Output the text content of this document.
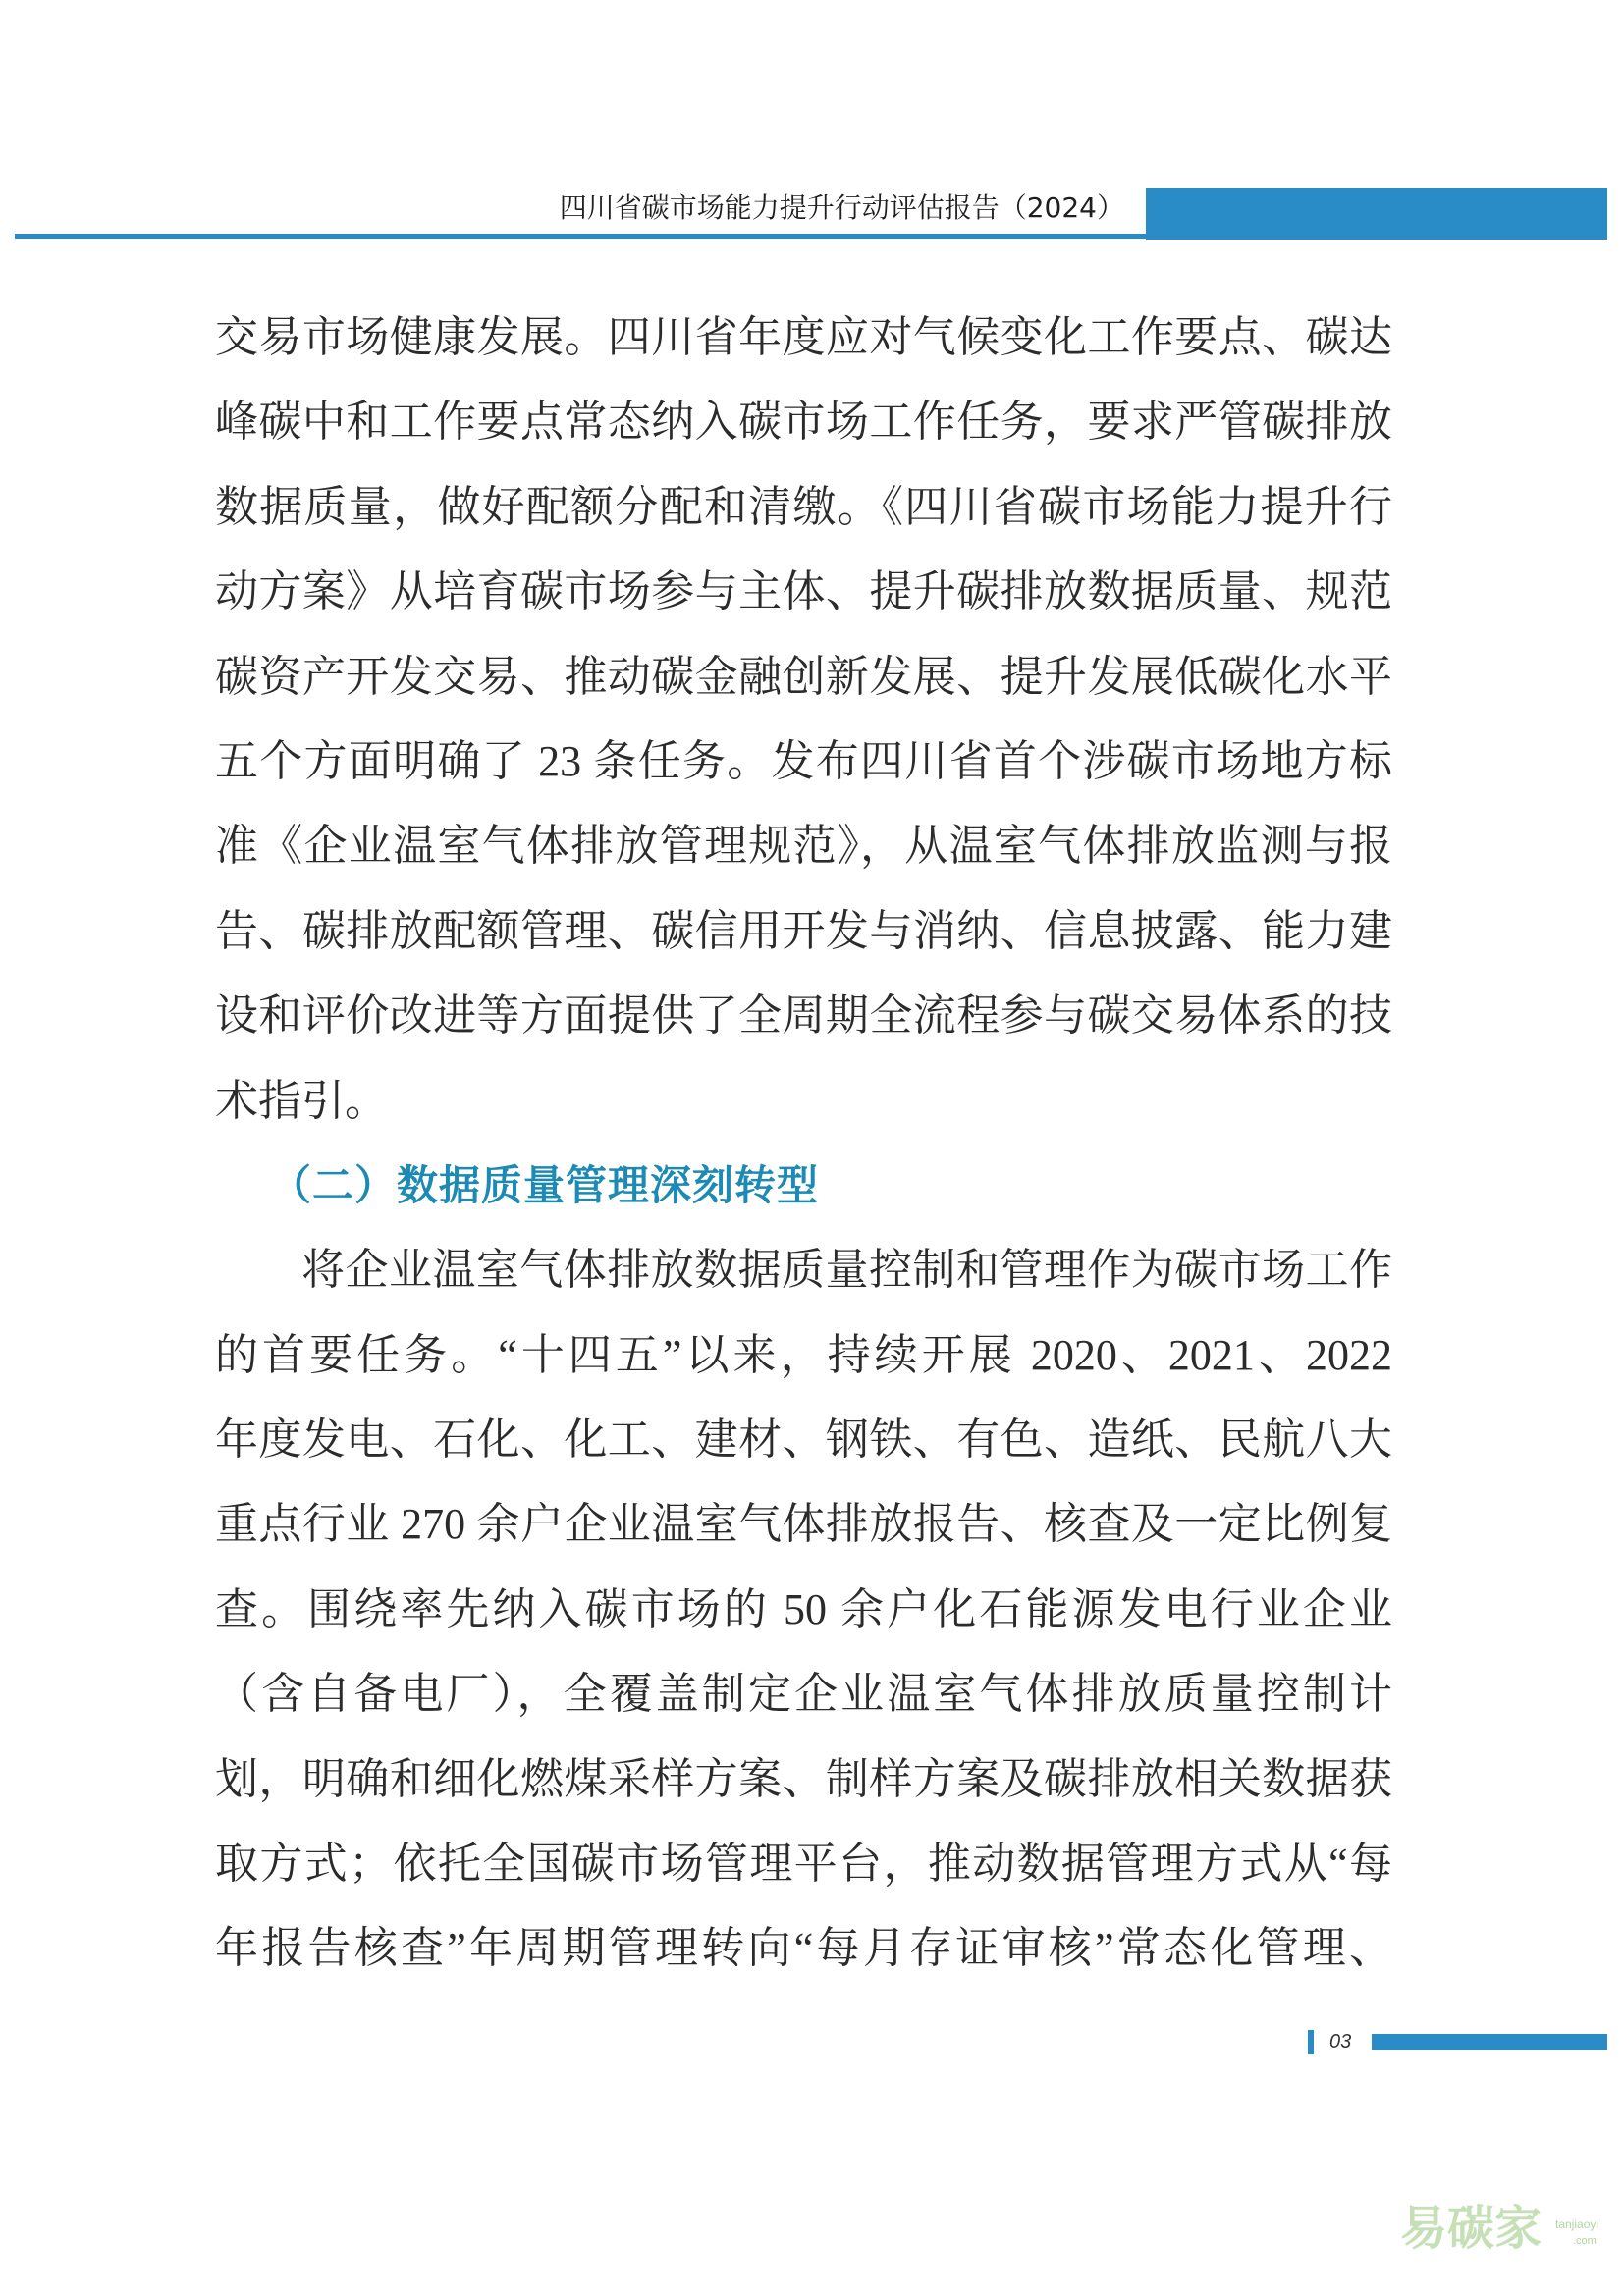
四川省碳市场能力提升行动评估报告（2024）
交易市场健康发展。四川省年度应对气候变化工作要点、碳达
峰碳中和工作要点常态纳入碳市场工作任务，要求严管碳排放
数据质量，做好配额分配和清缴。《四川省碳市场能力提升行
动方案》从培育碳市场参与主体、提升碳排放数据质量、规范
碳资产开发交易、推动碳金融创新发展、提升发展低碳化水平
五个方面明确了 23 条任务。发布四川省首个涉碳市场地方标
准《企业温室气体排放管理规范》，从温室气体排放监测与报
告、碳排放配额管理、碳信用开发与消纳、信息披露、能力建
设和评价改进等方面提供了全周期全流程参与碳交易体系的技
术指引。
（二）数据质量管理深刻转型
将企业温室气体排放数据质量控制和管理作为碳市场工作
的首要任务。“十四五”以来，持续开展 2020、2021、2022
年度发电、石化、化工、建材、钢铁、有色、造纸、民航八大
重点行业 270 余户企业温室气体排放报告、核查及一定比例复
查。围绕率先纳入碳市场的 50 余户化石能源发电行业企业
（含自备电厂），全覆盖制定企业温室气体排放质量控制计
划，明确和细化燃煤采样方案、制样方案及碳排放相关数据获
取方式；依托全国碳市场管理平台，推动数据管理方式从“每
年报告核查”年周期管理转向“每月存证审核”常态化管理、
03
易碳家 tanjiaoyi
.com
